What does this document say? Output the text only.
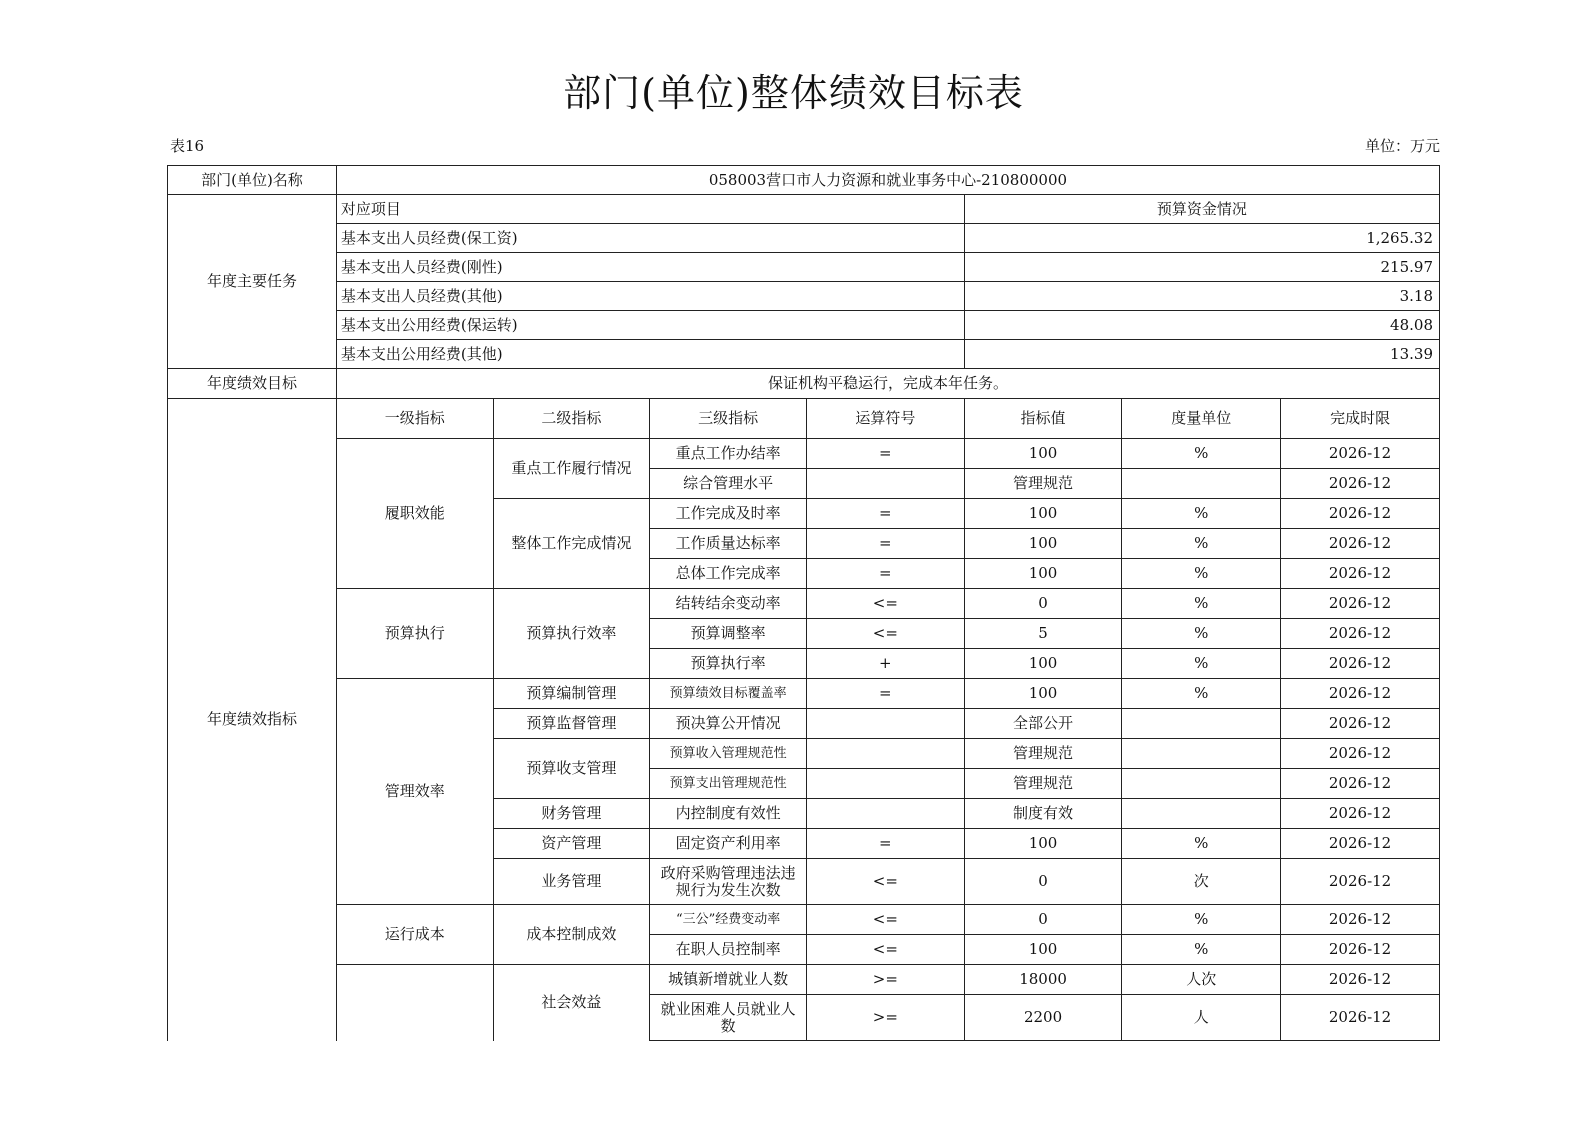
部门(单位)整体绩效目标表
表16	单位：万元
部门(单位)名称	058003营口市人力资源和就业事务中心-210800000						
年度主要任务	对应项目				预算资金情况		
	基本支出人员经费(保工资)				1,265.32		
	基本支出人员经费(刚性)				215.97		
	基本支出人员经费(其他)				3.18		
	基本支出公用经费(保运转)				48.08		
	基本支出公用经费(其他)				13.39		
年度绩效目标	保证机构平稳运行，完成本年任务。						
年度绩效指标	一级指标	二级指标	三级指标	运算符号	指标值	度量单位	完成时限
	履职效能	重点工作履行情况	重点工作办结率	=	100	%	2026-12
			综合管理水平		管理规范		2026-12
		整体工作完成情况	工作完成及时率	=	100	%	2026-12
			工作质量达标率	=	100	%	2026-12
			总体工作完成率	=	100	%	2026-12
	预算执行	预算执行效率	结转结余变动率	<=	0	%	2026-12
			预算调整率	<=	5	%	2026-12
			预算执行率	+	100	%	2026-12
	管理效率	预算编制管理	预算绩效目标覆盖率	=	100	%	2026-12
		预算监督管理	预决算公开情况		全部公开		2026-12
		预算收支管理	预算收入管理规范性		管理规范		2026-12
			预算支出管理规范性		管理规范		2026-12
		财务管理	内控制度有效性		制度有效		2026-12
		资产管理	固定资产利用率	=	100	%	2026-12
		业务管理	政府采购管理违法违规行为发生次数	<=	0	次	2026-12
	运行成本	成本控制成效	“三公”经费变动率	<=	0	%	2026-12
			在职人员控制率	<=	100	%	2026-12
		社会效益	城镇新增就业人数	>=	18000	人次	2026-12
			就业困难人员就业人数	>=	2200	人	2026-12
